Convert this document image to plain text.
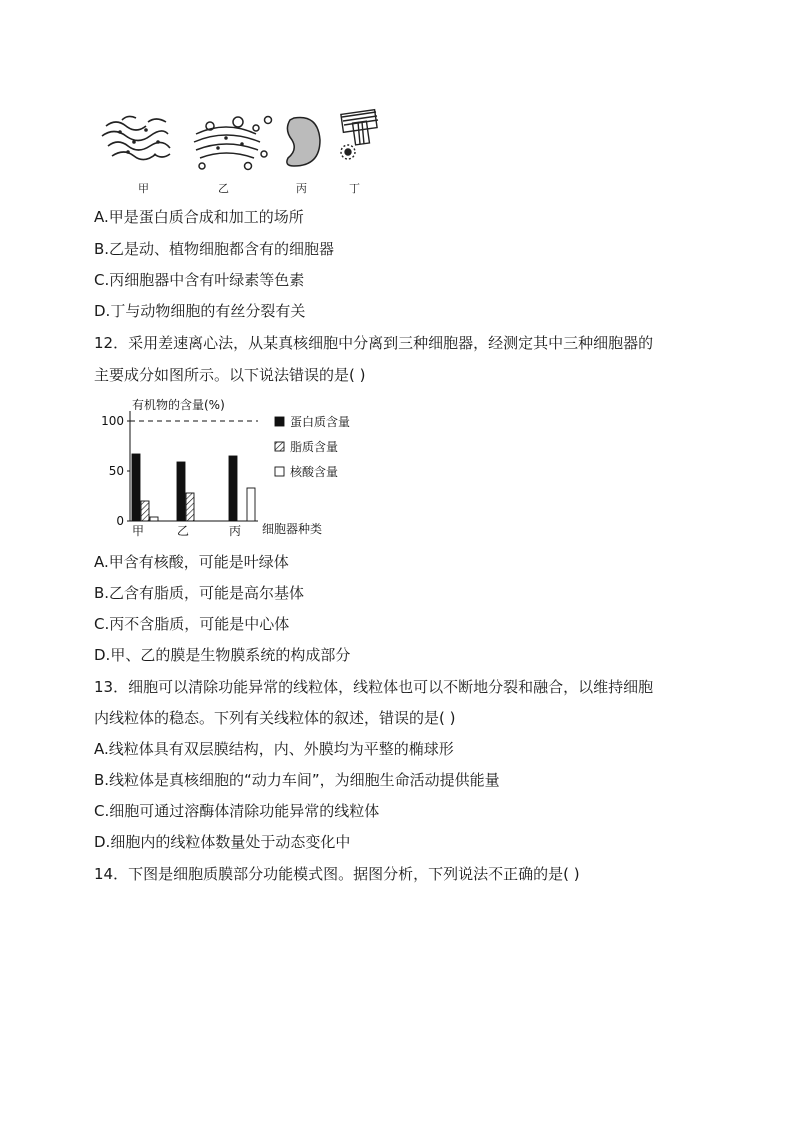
甲	乙	丙	丁
A.甲是蛋白质合成和加工的场所
B.乙是动、植物细胞都含有的细胞器
C.丙细胞器中含有叶绿素等色素
D.丁与动物细胞的有丝分裂有关
12．采用差速离心法，从某真核细胞中分离到三种细胞器，经测定其中三种细胞器的
主要成分如图所示。以下说法错误的是( )
有机物的含量(%)
0
50
100
甲	乙	丙 细胞器种类
蛋白质含量
脂质含量
核酸含量
A.甲含有核酸，可能是叶绿体
B.乙含有脂质，可能是高尔基体
C.丙不含脂质，可能是中心体
D.甲、乙的膜是生物膜系统的构成部分
13．细胞可以清除功能异常的线粒体，线粒体也可以不断地分裂和融合，以维持细胞
内线粒体的稳态。下列有关线粒体的叙述，错误的是( )
A.线粒体具有双层膜结构，内、外膜均为平整的椭球形
B.线粒体是真核细胞的“动力车间”，为细胞生命活动提供能量
C.细胞可通过溶酶体清除功能异常的线粒体
D.细胞内的线粒体数量处于动态变化中
14．下图是细胞质膜部分功能模式图。据图分析，下列说法不正确的是( )
